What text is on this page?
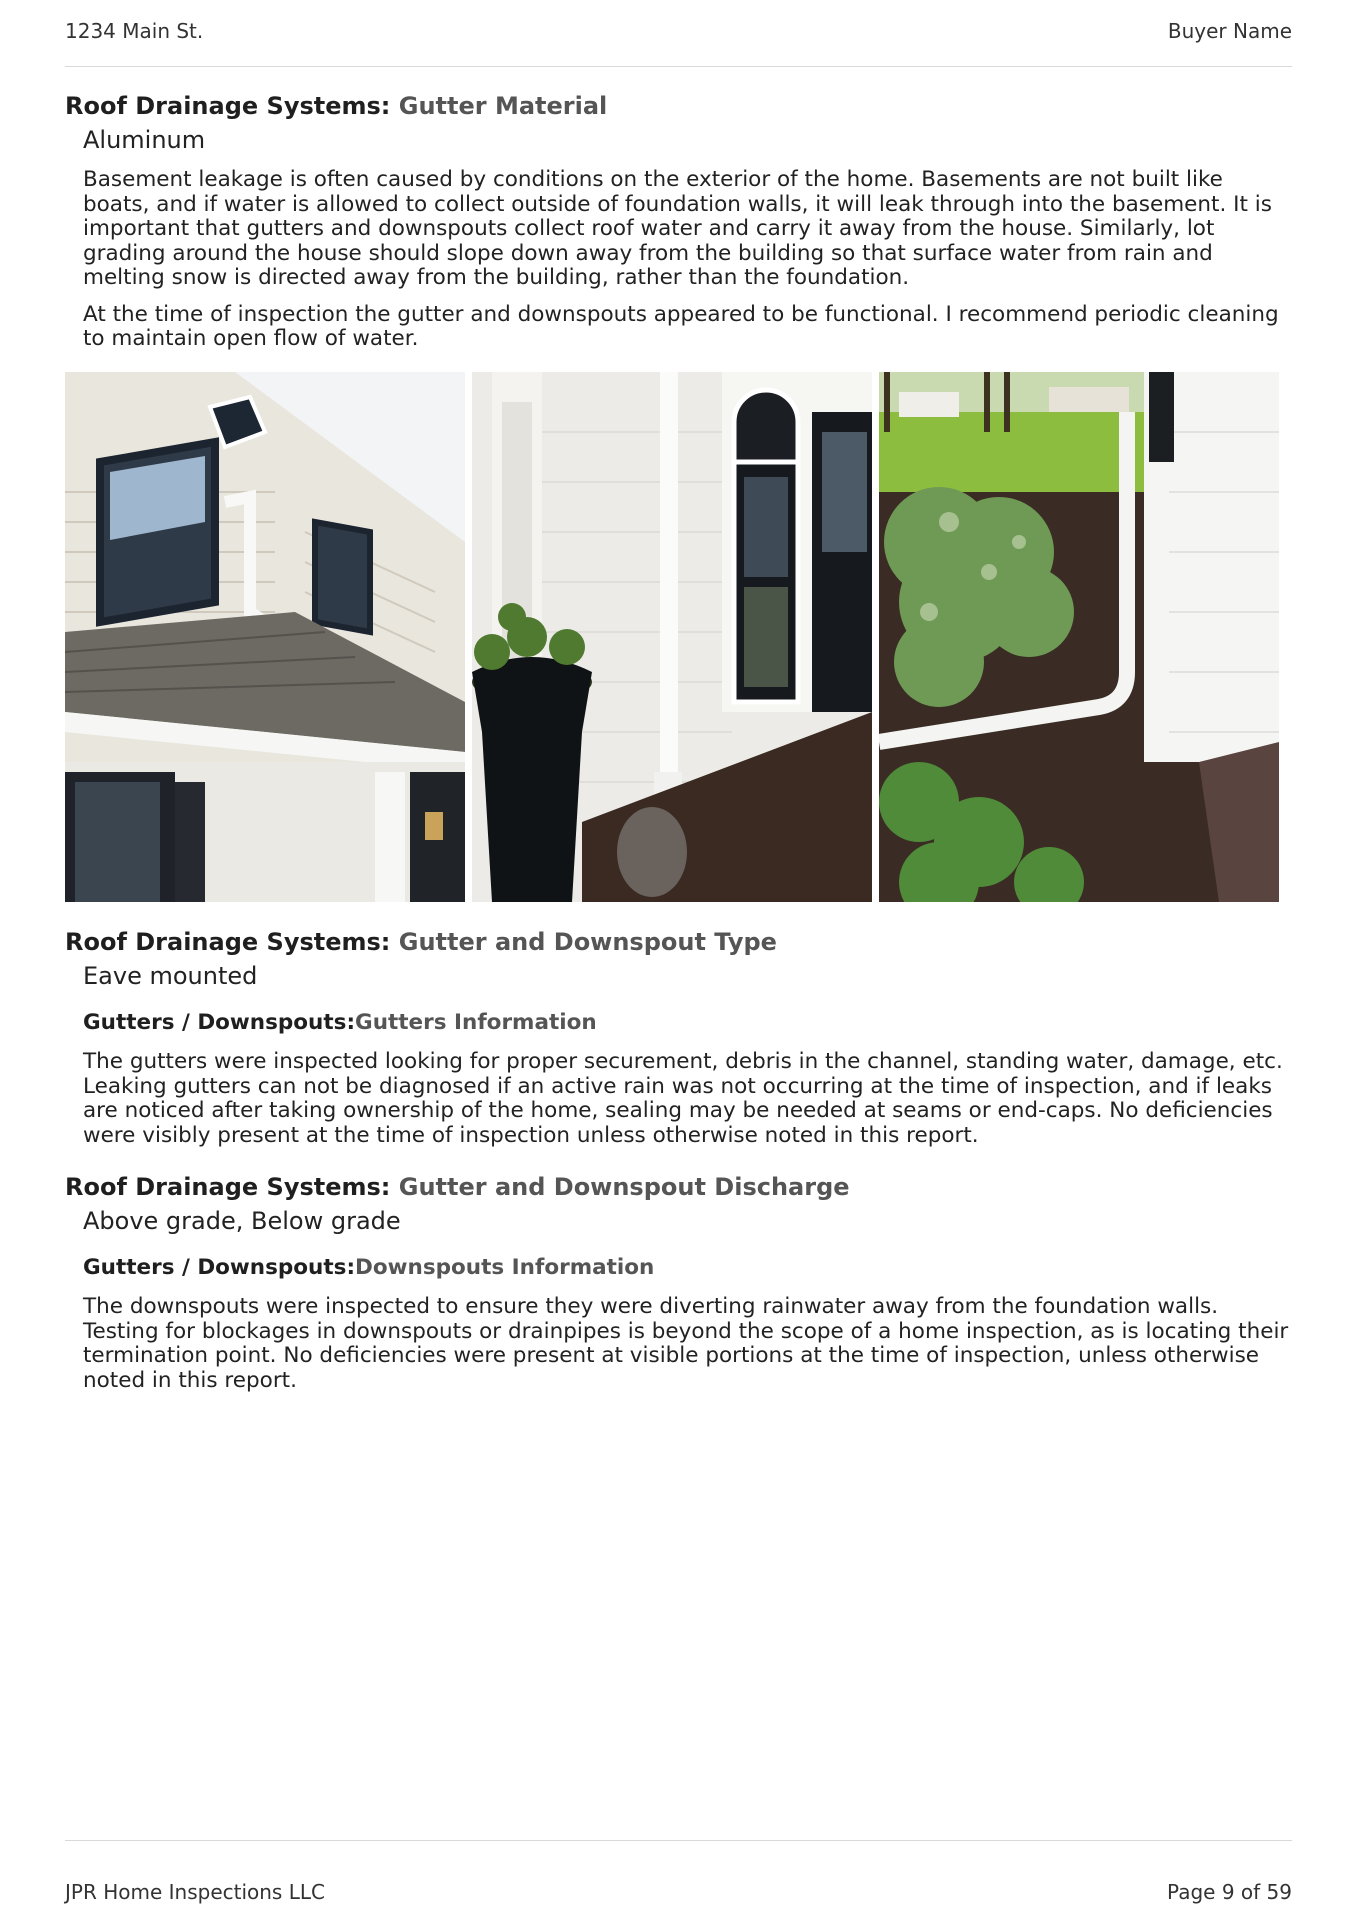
1234 Main St.	Buyer Name
Roof Drainage Systems: Gutter Material
Aluminum

Basement leakage is often caused by conditions on the exterior of the home. Basements are not built like boats, and if water is allowed to collect outside of foundation walls, it will leak through into the basement. It is important that gutters and downspouts collect roof water and carry it away from the house. Similarly, lot grading around the house should slope down away from the building so that surface water from rain and melting snow is directed away from the building, rather than the foundation.

At the time of inspection the gutter and downspouts appeared to be functional. I recommend periodic cleaning to maintain open flow of water.

Roof Drainage Systems: Gutter and Downspout Type
Eave mounted
Gutters / Downspouts:Gutters Information

The gutters were inspected looking for proper securement, debris in the channel, standing water, damage, etc. Leaking gutters can not be diagnosed if an active rain was not occurring at the time of inspection, and if leaks are noticed after taking ownership of the home, sealing may be needed at seams or end-caps. No deficiencies were visibly present at the time of inspection unless otherwise noted in this report.

Roof Drainage Systems: Gutter and Downspout Discharge
Above grade, Below grade
Gutters / Downspouts:Downspouts Information

The downspouts were inspected to ensure they were diverting rainwater away from the foundation walls. Testing for blockages in downspouts or drainpipes is beyond the scope of a home inspection, as is locating their termination point. No deficiencies were present at visible portions at the time of inspection, unless otherwise noted in this report.

JPR Home Inspections LLC	Page 9 of 59
